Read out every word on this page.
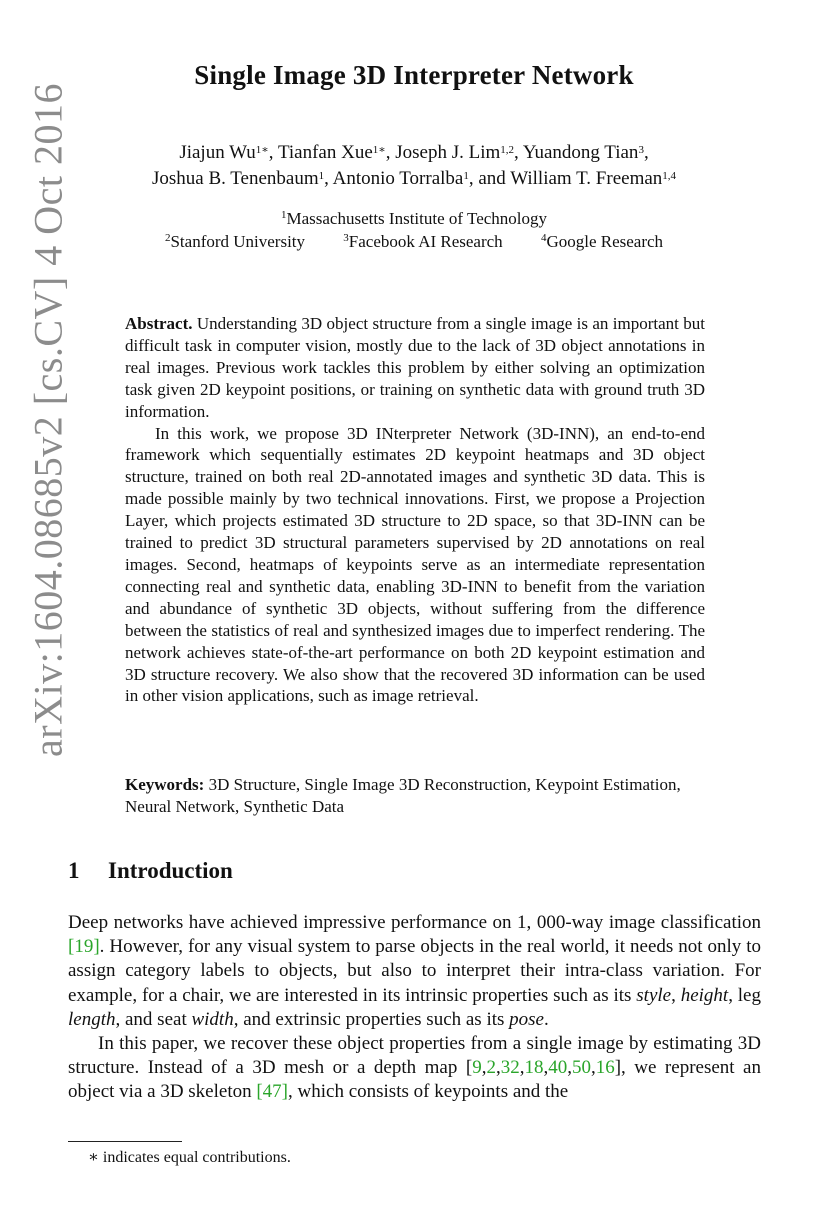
arXiv:1604.08685v2 [cs.CV] 4 Oct 2016
Single Image 3D Interpreter Network
Jiajun $Wu^{1∗}$, Tianfan Xue$^{1∗}$, Joseph J. Lim$^{1,2}$, Yuandong Tian$^3$,
Joshua B. Tenenbaum$^1$, Antonio Torralba$^1$, and William T. Freeman$^{1,4}$
$^1$Massachusetts Institute of Technology
$^2$Stanford University	$^3$Facebook AI Research	$^4$Google Research

Abstract. Understanding 3D object structure from a single image is an important but difficult task in computer vision, mostly due to the lack of 3D object annotations in real images. Previous work tackles this problem by either solving an optimization task given 2D keypoint positions, or training on synthetic data with ground truth 3D information.

In this work, we propose 3D INterpreter Network (3D-INN), an end-to-end framework which sequentially estimates 2D keypoint heatmaps and 3D object structure, trained on both real 2D-annotated images and synthetic 3D data. This is made possible mainly by two technical innovations. First, we propose a Projection Layer, which projects estimated 3D structure to 2D space, so that 3D-INN can be trained to predict 3D structural parameters supervised by 2D annotations on real images. Second, heatmaps of keypoints serve as an intermediate representation connecting real and synthetic data, enabling 3D-INN to benefit from the variation and abundance of synthetic 3D objects, without suffering from the difference between the statistics of real and synthesized images due to imperfect rendering. The network achieves state-of-the-art performance on both 2D keypoint estimation and 3D structure recovery. We also show that the recovered 3D information can be used in other vision applications, such as image retrieval.

Keywords: 3D Structure, Single Image 3D Reconstruction, Keypoint Estimation, Neural Network, Synthetic Data
1 Introduction

Deep networks have achieved impressive performance on 1, 000-way image classification [19]. However, for any visual system to parse objects in the real world, it needs not only to assign category labels to objects, but also to interpret their intra-class variation. For example, for a chair, we are interested in its intrinsic properties such as its style, height, leg length, and seat width, and extrinsic properties such as its pose.

In this paper, we recover these object properties from a single image by estimating 3D structure. Instead of a 3D mesh or a depth map [9,2,32,18,40,50,16], we represent an object via a 3D skeleton [47], which consists of keypoints and the

∗ indicates equal contributions.
